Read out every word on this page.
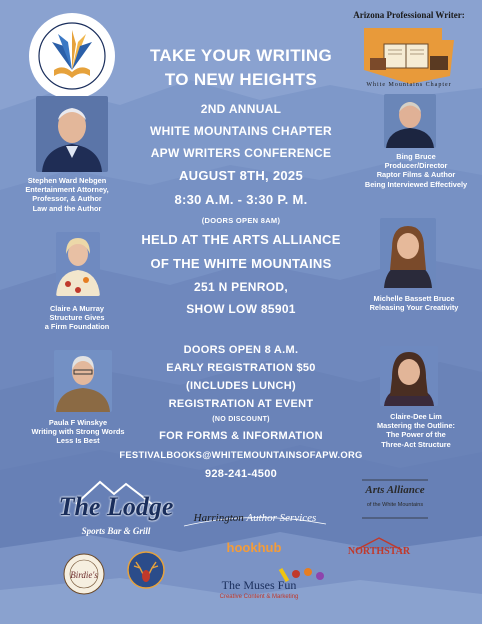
Arizona Professional Writer:
White Mountains Chapter
TAKE YOUR WRITING
TO NEW HEIGHTS
2ND ANNUAL
WHITE MOUNTAINS CHAPTER
APW WRITERS CONFERENCE
AUGUST 8TH, 2025
8:30 A.M. - 3:30 P. M.
(DOORS OPEN 8AM)
HELD AT THE ARTS ALLIANCE
OF THE WHITE MOUNTAINS
251 N PENROD,
SHOW LOW 85901
DOORS OPEN 8 A.M.
EARLY REGISTRATION $50
(INCLUDES LUNCH)
REGISTRATION AT EVENT
(NO DISCOUNT)
FOR FORMS & INFORMATION
FESTIVALBOOKS@WHITEMOUNTAINSOFAPW.ORG
928-241-4500
Stephen Ward Nebgen
Entertainment Attorney,
Professor, & Author
Law and the Author
Bing Bruce
Producer/Director
Raptor Films & Author
Being Interviewed Effectively
Claire A Murray
Structure Gives
a Firm Foundation
Michelle Bassett Bruce
Releasing Your Creativity
Paula F Winskye
Writing with Strong Words
Less Is Best
Claire-Dee Lim
Mastering the Outline:
The Power of the
Three-Act Structure
The Lodge
Sports Bar & Grill
Harrington Author Services
Arts Alliance
of the White Mountains
hookhub	NORTHSTAR
Birdie's
The Muses Fun
Creative Content & Marketing
